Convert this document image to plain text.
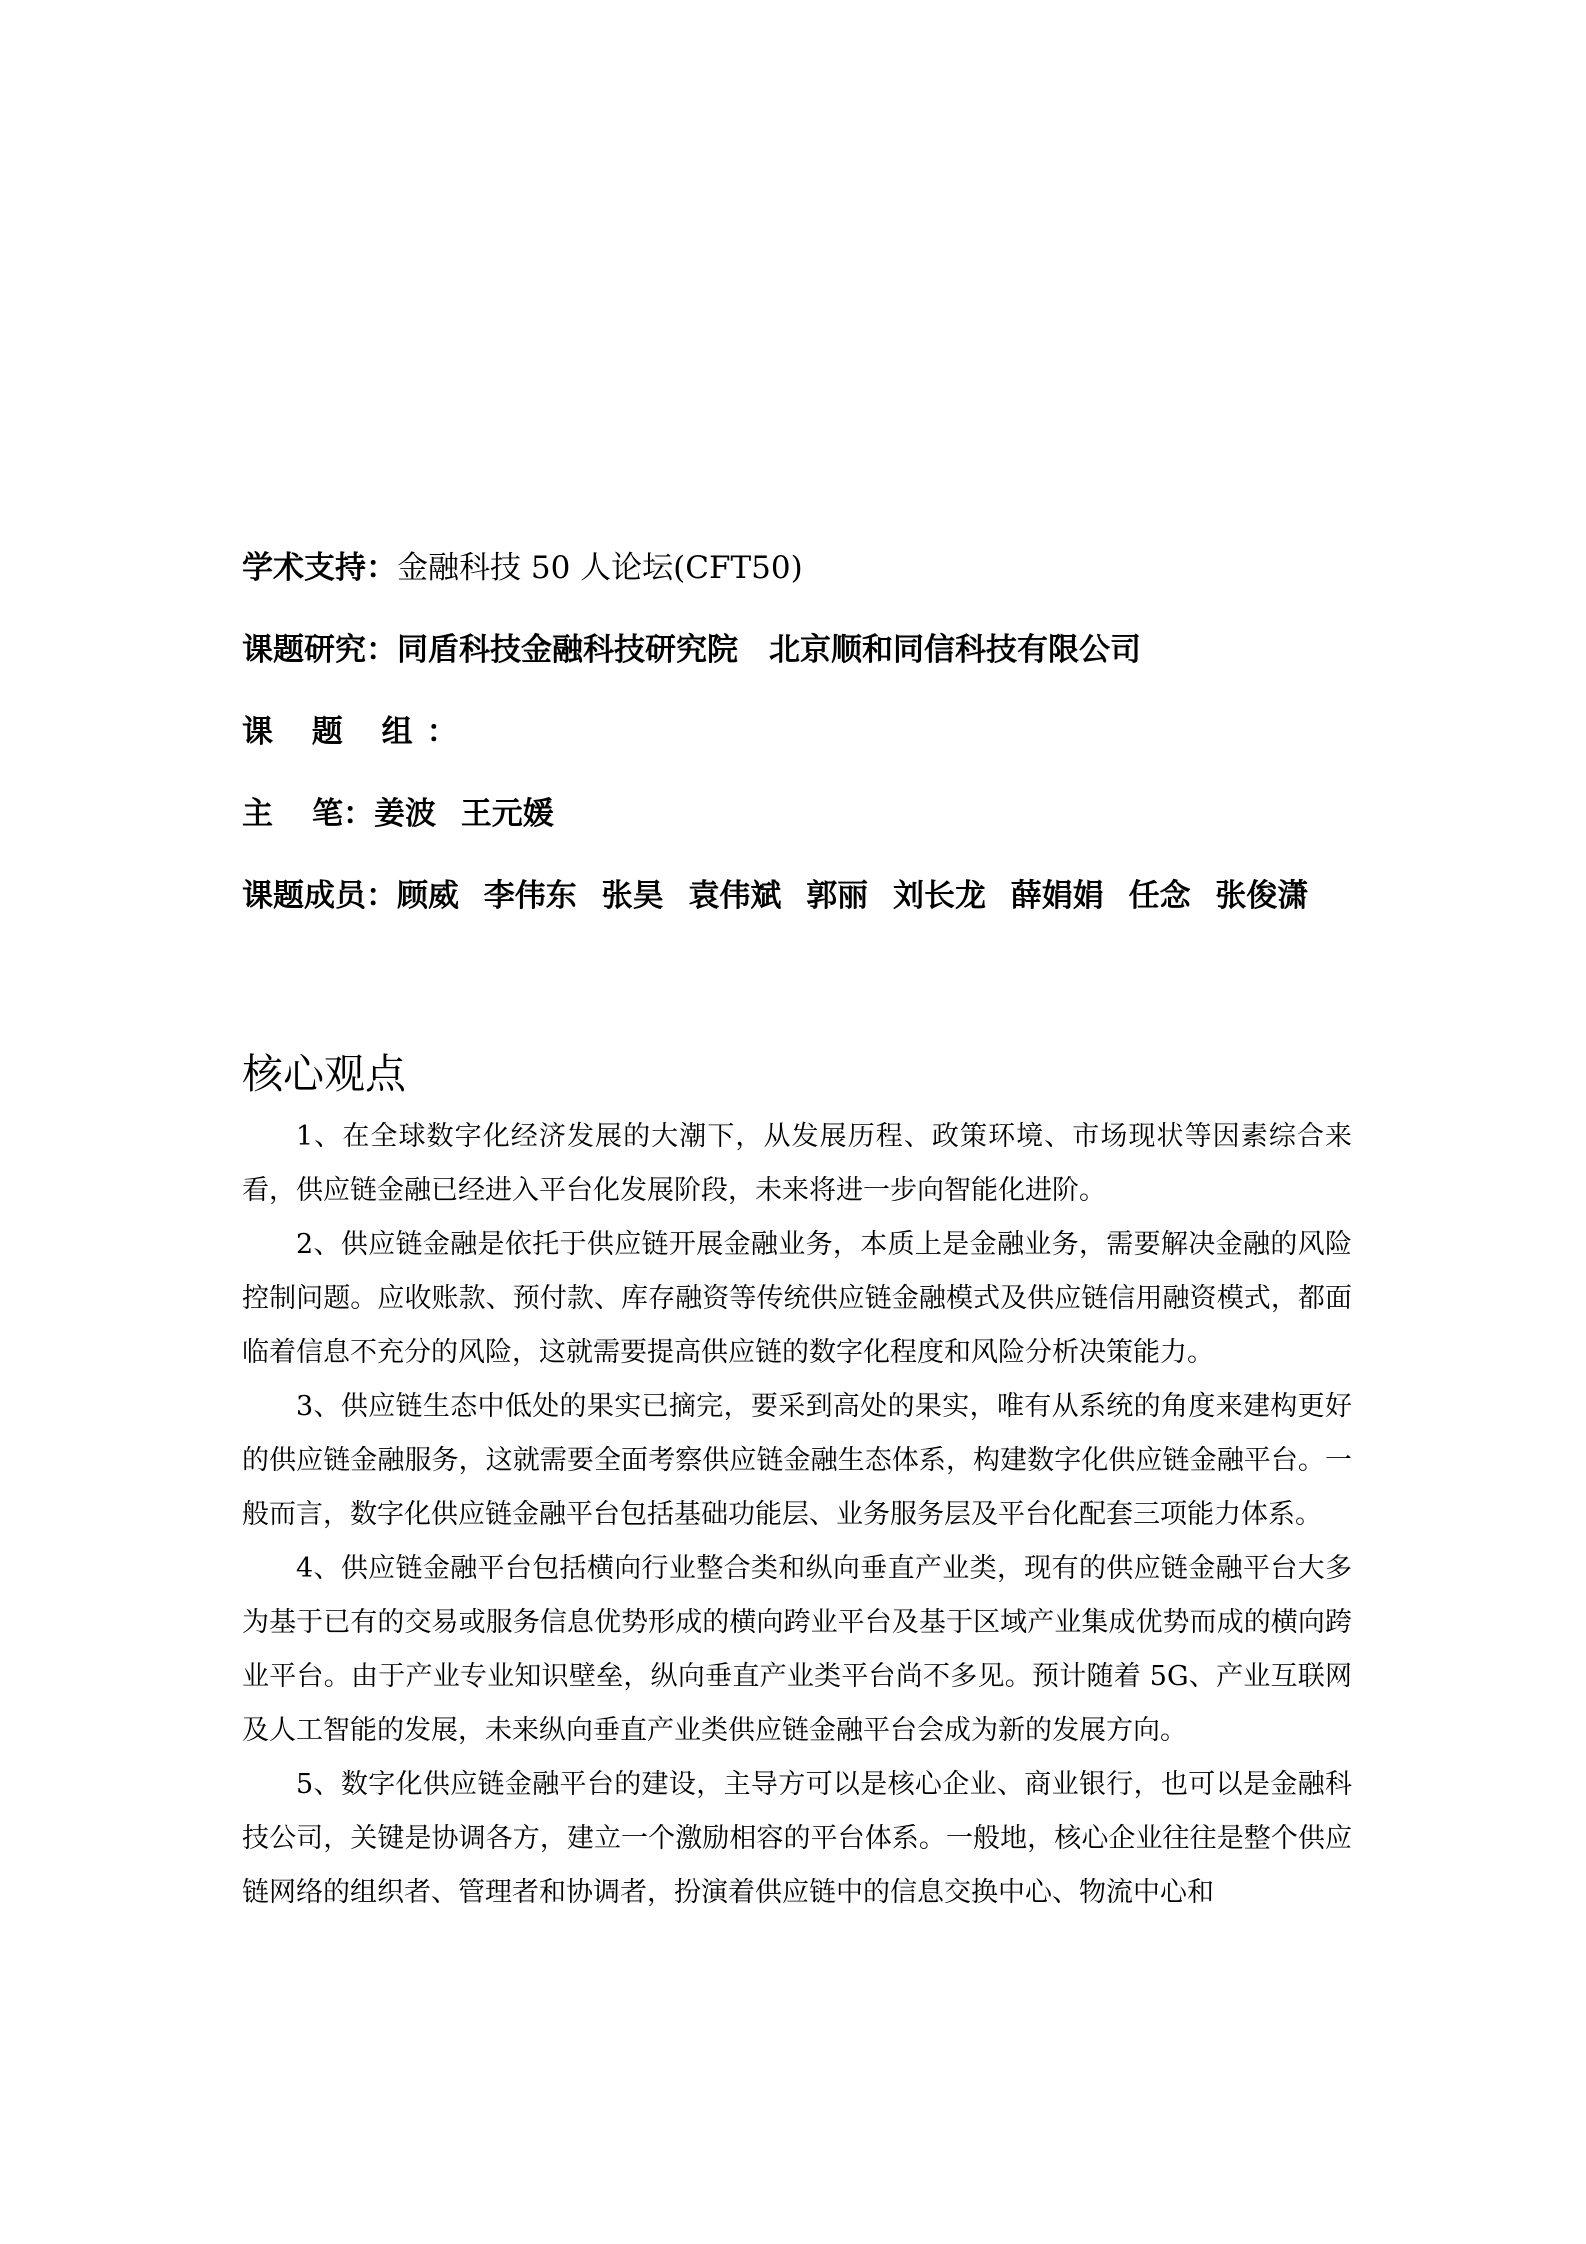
学术支持： 金融科技 50 人论坛(CFT50)
课题研究： 同盾科技金融科技研究院　北京顺和同信科技有限公司
课 题 组：
主 笔： 姜波 王元媛
课题成员： 顾威 李伟东 张昊 袁伟斌 郭丽 刘长龙 薛娟娟 任念 张俊潇
核心观点

1、在全球数字化经济发展的大潮下，从发展历程、政策环境、市场现状等因素综合来看，供应链金融已经进入平台化发展阶段，未来将进一步向智能化进阶。

2、供应链金融是依托于供应链开展金融业务，本质上是金融业务，需要解决金融的风险控制问题。应收账款、预付款、库存融资等传统供应链金融模式及供应链信用融资模式，都面临着信息不充分的风险，这就需要提高供应链的数字化程度和风险分析决策能力。

3、供应链生态中低处的果实已摘完，要采到高处的果实，唯有从系统的角度来建构更好的供应链金融服务，这就需要全面考察供应链金融生态体系，构建数字化供应链金融平台。一般而言，数字化供应链金融平台包括基础功能层、业务服务层及平台化配套三项能力体系。

4、供应链金融平台包括横向行业整合类和纵向垂直产业类，现有的供应链金融平台大多为基于已有的交易或服务信息优势形成的横向跨业平台及基于区域产业集成优势而成的横向跨业平台。由于产业专业知识壁垒，纵向垂直产业类平台尚不多见。预计随着 5G、产业互联网及人工智能的发展，未来纵向垂直产业类供应链金融平台会成为新的发展方向。

5、数字化供应链金融平台的建设，主导方可以是核心企业、商业银行，也可以是金融科技公司，关键是协调各方，建立一个激励相容的平台体系。一般地，核心企业往往是整个供应链网络的组织者、管理者和协调者，扮演着供应链中的信息交换中心、物流中心和
